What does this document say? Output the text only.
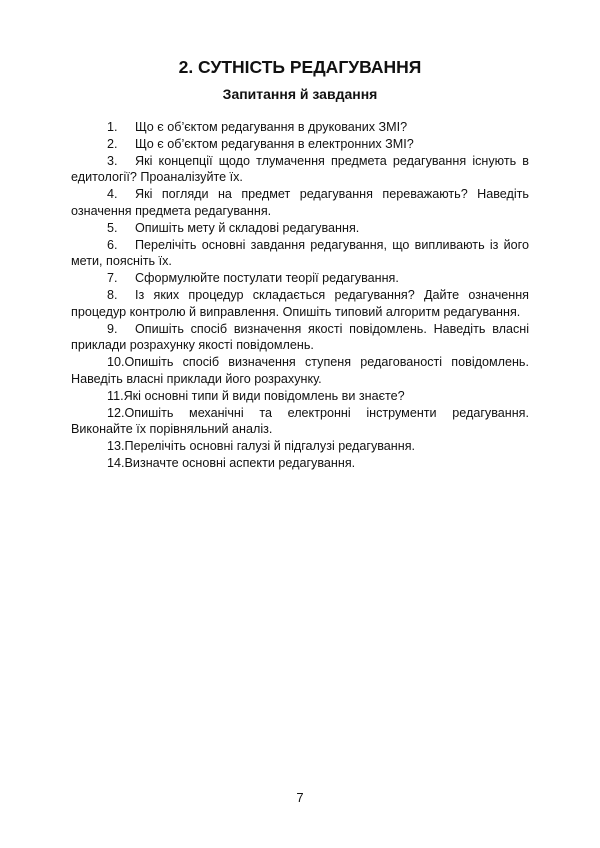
2. СУТНІСТЬ РЕДАГУВАННЯ
Запитання й завдання

1. Що є об’єктом редагування в друкованих ЗМІ?

2. Що є об’єктом редагування в електронних ЗМІ?

3. Які концепції щодо тлумачення предмета редагування існують в едитології? Проаналізуйте їх.

4. Які погляди на предмет редагування переважають? Наведіть означення предмета редагування.

5. Опишіть мету й складові редагування.

6. Перелічіть основні завдання редагування, що випливають із його мети, поясніть їх.

7. Сформулюйте постулати теорії редагування.

8. Із яких процедур складається редагування? Дайте означення процедур контролю й виправлення. Опишіть типовий алгоритм редагування.

9. Опишіть спосіб визначення якості повідомлень. Наведіть власні приклади розрахунку якості повідомлень.

10.Опишіть спосіб визначення ступеня редагованості повідомлень. Наведіть власні приклади його розрахунку.

11.Які основні типи й види повідомлень ви знаєте?

12.Опишіть механічні та електронні інструменти редагування. Виконайте їх порівняльний аналіз.

13.Перелічіть основні галузі й підгалузі редагування.

14.Визначте основні аспекти редагування.

7
